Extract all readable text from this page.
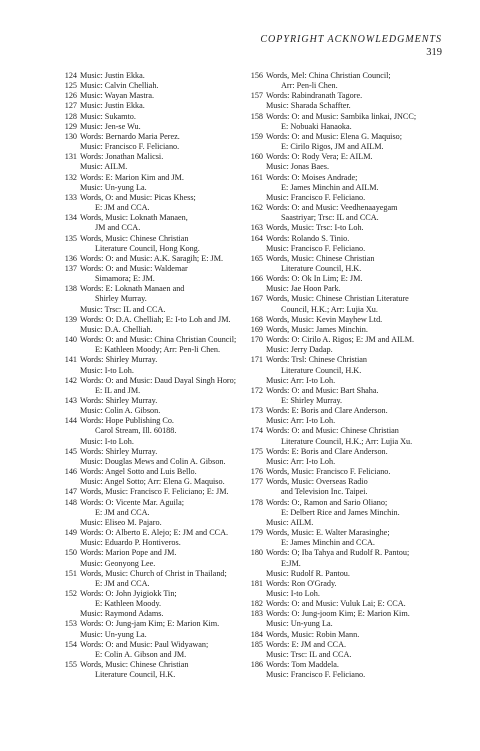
COPYRIGHT ACKNOWLEDGMENTS
319
124 Music: Justin Ekka.
125 Music: Calvin Chelliah.
126 Music: Wayan Mastra.
127 Music: Justin Ekka.
128 Music: Sukamto.
129 Music: Jen-se Wu.
130 Words: Bernardo Maria Perez.
Music: Francisco F. Feliciano.
131 Words: Jonathan Malicsi.
Music: AILM.
132 Words: E: Marion Kim and JM.
Music: Un-yung La.
133 Words, O: and Music: Picas Khess;
E: JM and CCA.
134 Words, Music: Loknath Manaen,
JM and CCA.
135 Words, Music: Chinese Christian
Literature Council, Hong Kong.
136 Words: O: and Music: A.K. Saragih; E: JM.
137 Words: O: and Music: Waldemar
Simamora; E: JM.
138 Words: E: Loknath Manaen and
Shirley Murray.
Music: Trsc: IL and CCA.
139 Words: O: D.A. Chelliah; E: I-to Loh and JM.
Music: D.A. Chelliah.
140 Words: O: and Music: China Christian Council;
E: Kathleen Moody; Arr: Pen-li Chen.
141 Words: Shirley Murray.
Music: I-to Loh.
142 Words: O: and Music: Daud Dayal Singh Horo;
E: IL and JM.
143 Words: Shirley Murray.
Music: Colin A. Gibson.
144 Words: Hope Publishing Co.
Carol Stream, Ill. 60188.
Music: I-to Loh.
145 Words: Shirley Murray.
Music: Douglas Mews and Colin A. Gibson.
146 Words: Angel Sotto and Luis Bello.
Music: Angel Sotto; Arr: Elena G. Maquiso.
147 Words, Music: Francisco F. Feliciano; E: JM.
148 Words: O: Vicente Mar. Aguila;
E: JM and CCA.
Music: Eliseo M. Pajaro.
149 Words: O: Alberto E. Alejo; E: JM and CCA.
Music: Eduardo P. Hontiveros.
150 Words: Marion Pope and JM.
Music: Geonyong Lee.
151 Words, Music: Church of Christ in Thailand;
E: JM and CCA.
152 Words: O: John Jyigiokk Tin;
E: Kathleen Moody.
Music: Raymond Adams.
153 Words: O: Jung-jam Kim; E: Marion Kim.
Music: Un-yung La.
154 Words: O: and Music: Paul Widyawan;
E: Colin A. Gibson and JM.
155 Words, Music: Chinese Christian
Literature Council, H.K.
156 Words, Mel: China Christian Council;
Arr: Pen-li Chen.
157 Words: Rabindranath Tagore.
Music: Sharada Schaffter.
158 Words: O: and Music: Sambika linkai, JNCC;
E: Nobuaki Hanaoka.
159 Words: O: and Music: Elena G. Maquiso;
E: Cirilo Rigos, JM and AILM.
160 Words: O: Rody Vera; E: AILM.
Music: Jonas Baes.
161 Words: O: Moises Andrade;
E: James Minchin and AILM.
Music: Francisco F. Feliciano.
162 Words: O: and Music: Veedhenaayegam
Saastriyar; Trsc: IL and CCA.
163 Words, Music: Trsc: I-to Loh.
164 Words: Rolando S. Tinio.
Music: Francisco F. Feliciano.
165 Words, Music: Chinese Christian
Literature Council, H.K.
166 Words: O: Ok In Lim; E: JM.
Music: Jae Hoon Park.
167 Words, Music: Chinese Christian Literature
Council, H.K.; Arr: Lujia Xu.
168 Words, Music: Kevin Mayhew Ltd.
169 Words, Music: James Minchin.
170 Words: O: Cirilo A. Rigos; E: JM and AILM.
Music: Jerry Dadap.
171 Words: Trsl: Chinese Christian
Literature Council, H.K.
Music: Arr: I-to Loh.
172 Words: O: and Music: Bart Shaha.
E: Shirley Murray.
173 Words: E: Boris and Clare Anderson.
Music: Arr: I-to Loh.
174 Words: O: and Music: Chinese Christian
Literature Council, H.K.; Arr: Lujia Xu.
175 Words: E: Boris and Clare Anderson.
Music: Arr: I-to Loh.
176 Words, Music: Francisco F. Feliciano.
177 Words, Music: Overseas Radio
and Television Inc. Taipei.
178 Words: O:, Ramon and Sario Oliano;
E: Delbert Rice and James Minchin.
Music: AILM.
179 Words, Music: E. Walter Marasinghe;
E: James Minchin and CCA.
180 Words: O; Iba Tahya and Rudolf R. Pantou;
E:JM.
Music: Rudolf R. Pantou.
181 Words: Ron O'Grady.
Music: I-to Loh.
182 Words: O: and Music: Vuluk Lai; E: CCA.
183 Words: O: Jung-joom Kim; E: Marion Kim.
Music: Un-yung La.
184 Words, Music: Robin Mann.
185 Words: E: JM and CCA.
Music: Trsc: IL and CCA.
186 Words: Tom Maddela.
Music: Francisco F. Feliciano.
